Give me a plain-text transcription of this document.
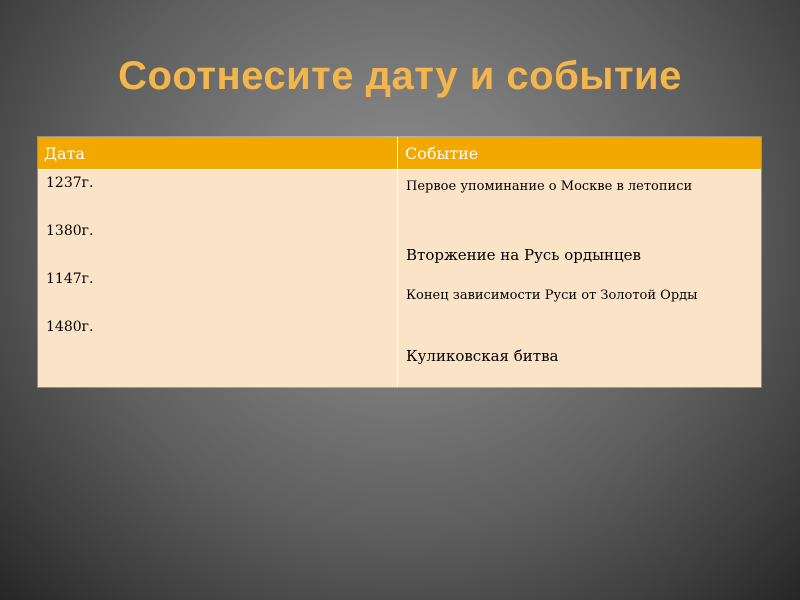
Соотнесите дату и событие
Дата	Событие
1237г.
1380г.
1147г.
1480г.
Первое упоминание о Москве в летописи
Вторжение на Русь ордынцев
Конец зависимости Руси от Золотой Орды
Куликовская битва
